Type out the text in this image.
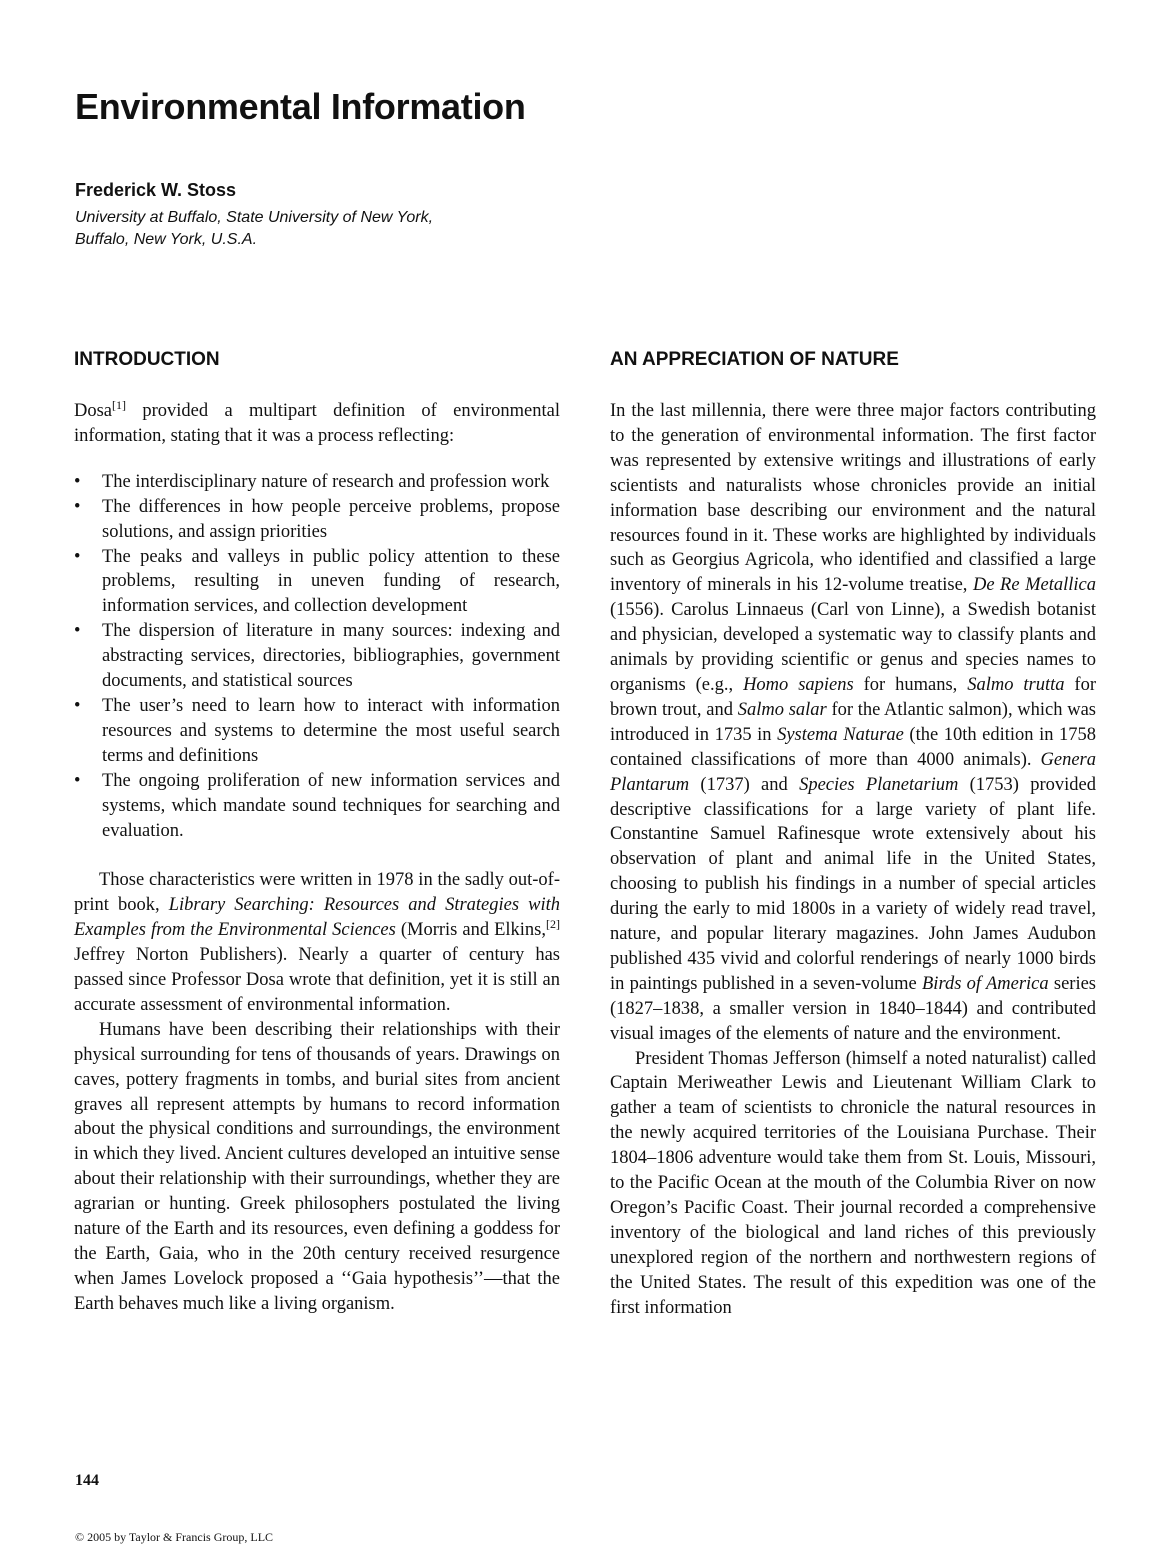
Environmental Information
Frederick W. Stoss
University at Buffalo, State University of New York,
Buffalo, New York, U.S.A.
INTRODUCTION

Dosa[1] provided a multipart definition of environmental information, stating that it was a process reflecting:

• The interdisciplinary nature of research and profession work
• The differences in how people perceive problems, propose solutions, and assign priorities
• The peaks and valleys in public policy attention to these problems, resulting in uneven funding of research, information services, and collection development
• The dispersion of literature in many sources: indexing and abstracting services, directories, bibliographies, government documents, and statistical sources
• The user’s need to learn how to interact with information resources and systems to determine the most useful search terms and definitions
• The ongoing proliferation of new information services and systems, which mandate sound techniques for searching and evaluation.

Those characteristics were written in 1978 in the sadly out-of-print book, Library Searching: Resources and Strategies with Examples from the Environmental Sciences (Morris and Elkins,[2] Jeffrey Norton Publishers). Nearly a quarter of century has passed since Professor Dosa wrote that definition, yet it is still an accurate assessment of environmental information.

Humans have been describing their relationships with their physical surrounding for tens of thousands of years. Drawings on caves, pottery fragments in tombs, and burial sites from ancient graves all represent attempts by humans to record information about the physical conditions and surroundings, the environment in which they lived. Ancient cultures developed an intuitive sense about their relationship with their surroundings, whether they are agrarian or hunting. Greek philosophers postulated the living nature of the Earth and its resources, even defining a goddess for the Earth, Gaia, who in the 20th century received resurgence when James Lovelock proposed a ‘‘Gaia hypothesis’’—that the Earth behaves much like a living organism.

AN APPRECIATION OF NATURE

In the last millennia, there were three major factors contributing to the generation of environmental information. The first factor was represented by extensive writings and illustrations of early scientists and naturalists whose chronicles provide an initial information base describing our environment and the natural resources found in it. These works are highlighted by individuals such as Georgius Agricola, who identified and classified a large inventory of minerals in his 12-volume treatise, De Re Metallica (1556). Carolus Linnaeus (Carl von Linne), a Swedish botanist and physician, developed a systematic way to classify plants and animals by providing scientific or genus and species names to organisms (e.g., Homo sapiens for humans, Salmo trutta for brown trout, and Salmo salar for the Atlantic salmon), which was introduced in 1735 in Systema Naturae (the 10th edition in 1758 contained classifications of more than 4000 animals). Genera Plantarum (1737) and Species Planetarium (1753) provided descriptive classifications for a large variety of plant life. Constantine Samuel Rafinesque wrote extensively about his observation of plant and animal life in the United States, choosing to publish his findings in a number of special articles during the early to mid 1800s in a variety of widely read travel, nature, and popular literary magazines. John James Audubon published 435 vivid and colorful renderings of nearly 1000 birds in paintings published in a seven-volume Birds of America series (1827–1838, a smaller version in 1840–1844) and contributed visual images of the elements of nature and the environment.

President Thomas Jefferson (himself a noted naturalist) called Captain Meriweather Lewis and Lieutenant William Clark to gather a team of scientists to chronicle the natural resources in the newly acquired territories of the Louisiana Purchase. Their 1804–1806 adventure would take them from St. Louis, Missouri, to the Pacific Ocean at the mouth of the Columbia River on now Oregon’s Pacific Coast. Their journal recorded a comprehensive inventory of the biological and land riches of this previously unexplored region of the northern and northwestern regions of the United States. The result of this expedition was one of the first information

144
© 2005 by Taylor & Francis Group, LLC
